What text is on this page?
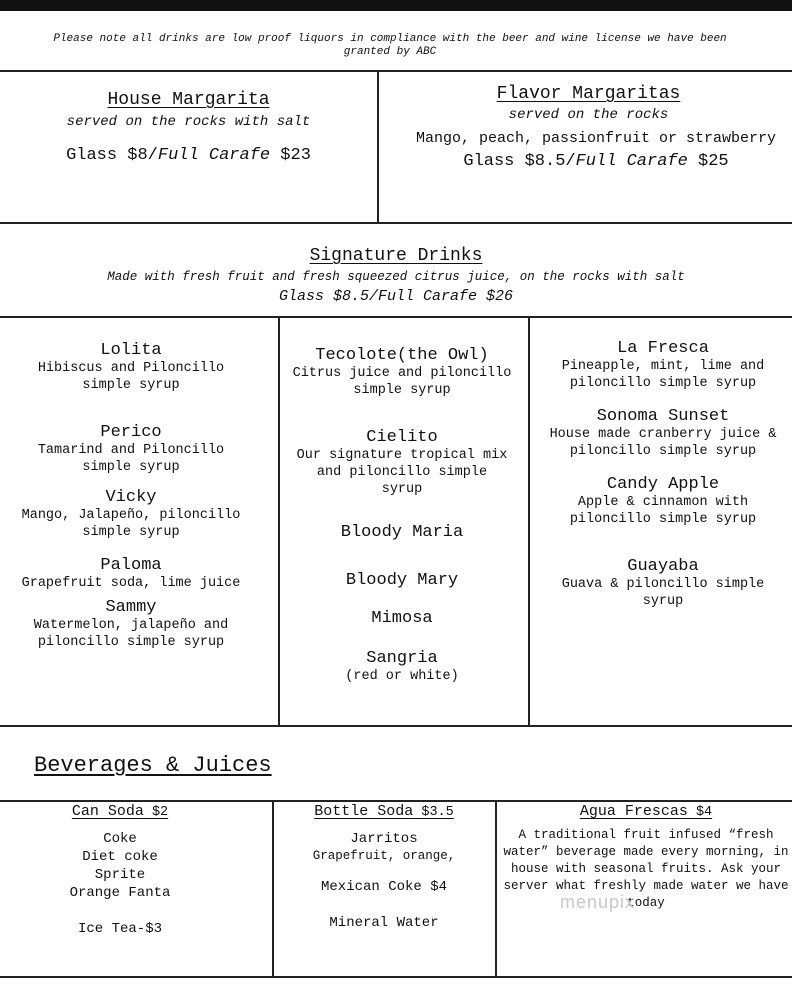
Please note all drinks are low proof liquors in compliance with the beer and wine license we have been granted by ABC
House Margarita
served on the rocks with salt
Glass $8/Full Carafe $23
Flavor Margaritas
served on the rocks
Mango, peach, passionfruit or strawberry
Glass $8.5/Full Carafe $25
Signature Drinks
Made with fresh fruit and fresh squeezed citrus juice, on the rocks with salt
Glass $8.5/Full Carafe $26
Lolita
Hibiscus and Piloncillo simple syrup
Perico
Tamarind and Piloncillo simple syrup
Vicky
Mango, Jalapeño, piloncillo simple syrup
Paloma
Grapefruit soda, lime juice
Sammy
Watermelon, jalapeño and piloncillo simple syrup
Tecolote(the Owl)
Citrus juice and piloncillo simple syrup
Cielito
Our signature tropical mix and piloncillo simple syrup
Bloody Maria
Bloody Mary
Mimosa
Sangria
(red or white)
La Fresca
Pineapple, mint, lime and piloncillo simple syrup
Sonoma Sunset
House made cranberry juice & piloncillo simple syrup
Candy Apple
Apple & cinnamon with piloncillo simple syrup
Guayaba
Guava & piloncillo simple syrup
Beverages & Juices
Can Soda $2
Coke
Diet coke
Sprite
Orange Fanta
Ice Tea-$3
Bottle Soda $3.5
Jarritos
Grapefruit, orange,
Mexican Coke $4
Mineral Water
Agua Frescas $4
A traditional fruit infused “fresh water” beverage made every morning, in house with seasonal fruits. Ask your server what freshly made water we have today
menupix
